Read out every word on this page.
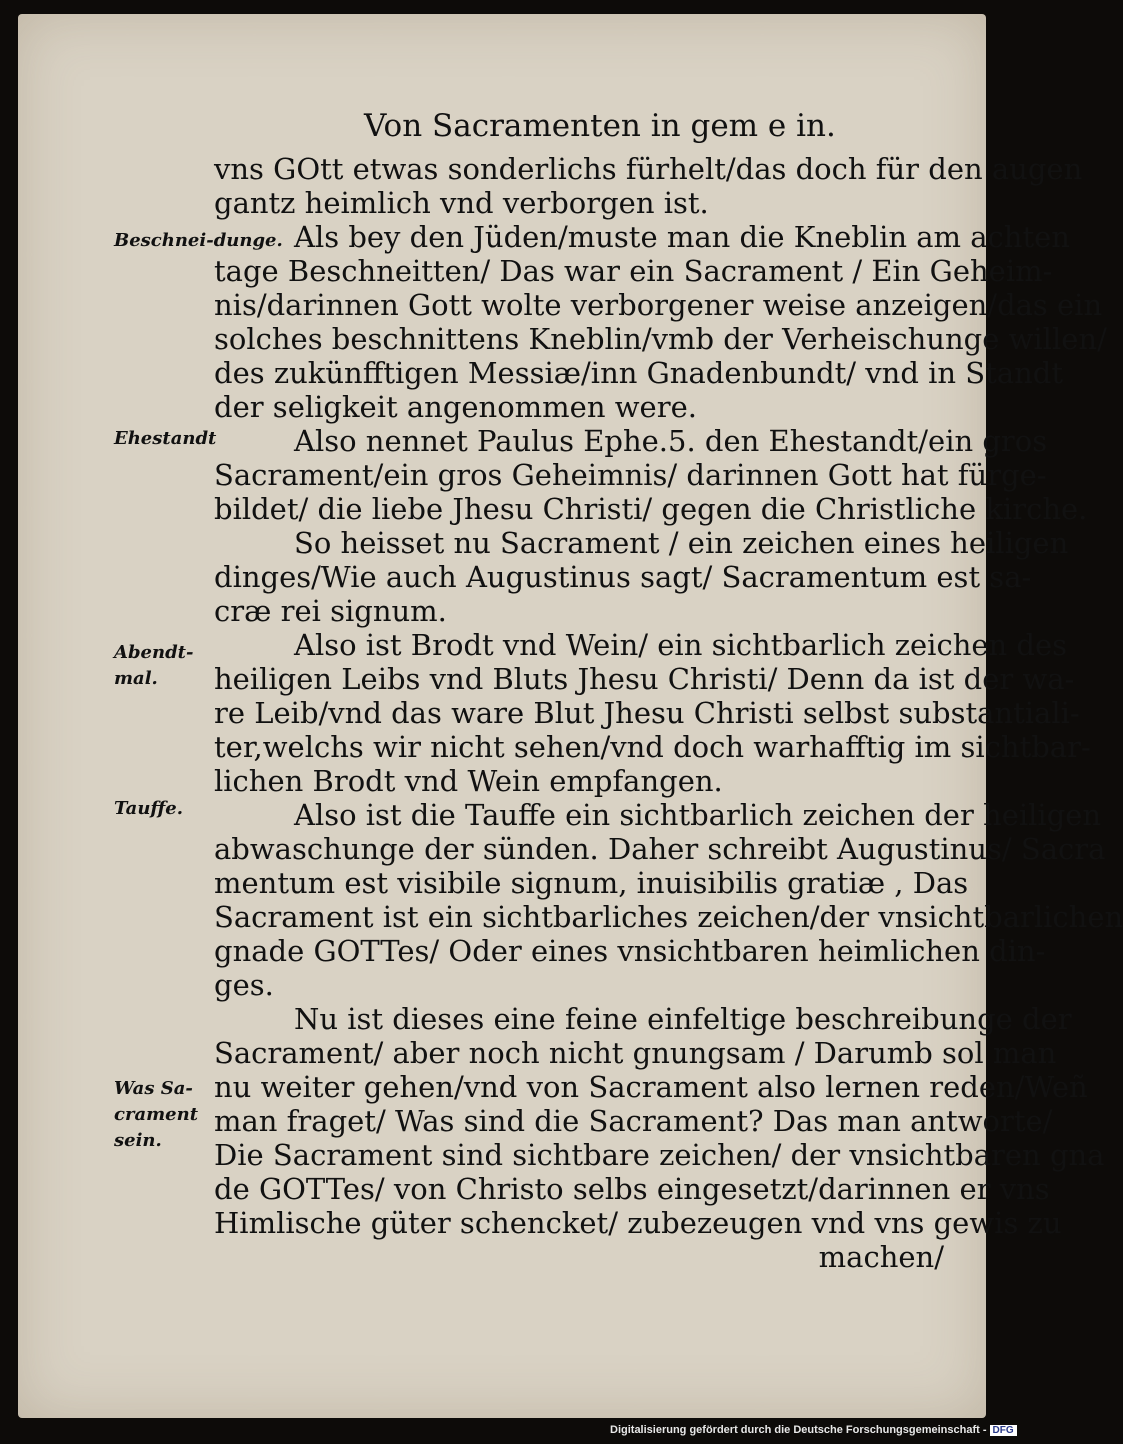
Von Sacramenten in gem e in.
Beschnei-dunge.
Ehestandt
Abendt-mal.
Tauffe.
Was Sa-crament sein.
vns GOtt etwas sonderlichs fürhelt/das doch für den augen
gantz heimlich vnd verborgen ist.
Als bey den Jüden/muste man die Kneblin am achten
tage Beschneitten/ Das war ein Sacrament / Ein Geheim-
nis/darinnen Gott wolte verborgener weise anzeigen/das ein
solches beschnittens Kneblin/vmb der Verheischunge willen/
des zukünfftigen Messiæ/inn Gnadenbundt/ vnd in Standt
der seligkeit angenommen were.
Also nennet Paulus Ephe.5. den Ehestandt/ein gros
Sacrament/ein gros Geheimnis/ darinnen Gott hat fürge-
bildet/ die liebe Jhesu Christi/ gegen die Christliche kirche.
So heisset nu Sacrament / ein zeichen eines heiligen
dinges/Wie auch Augustinus sagt/ Sacramentum est sa-
cræ rei signum.
Also ist Brodt vnd Wein/ ein sichtbarlich zeichen des
heiligen Leibs vnd Bluts Jhesu Christi/ Denn da ist der wa-
re Leib/vnd das ware Blut Jhesu Christi selbst substantiali-
ter,welchs wir nicht sehen/vnd doch warhafftig im sichtbar-
lichen Brodt vnd Wein empfangen.
Also ist die Tauffe ein sichtbarlich zeichen der heiligen
abwaschunge der sünden. Daher schreibt Augustinus/ Sacra
mentum est visibile signum, inuisibilis gratiæ , Das
Sacrament ist ein sichtbarliches zeichen/der vnsichtbarlichen
gnade GOTTes/ Oder eines vnsichtbaren heimlichen din-
ges.
Nu ist dieses eine feine einfeltige beschreibunge der
Sacrament/ aber noch nicht gnungsam / Darumb sol man
nu weiter gehen/vnd von Sacrament also lernen reden/Weñ
man fraget/ Was sind die Sacrament? Das man antworte/
Die Sacrament sind sichtbare zeichen/ der vnsichtbaren gna
de GOTTes/ von Christo selbs eingesetzt/darinnen er vns
Himlische güter schencket/ zubezeugen vnd vns gewis zu
machen/
Digitalisierung gefördert durch die Deutsche Forschungsgemeinschaft - DFG
